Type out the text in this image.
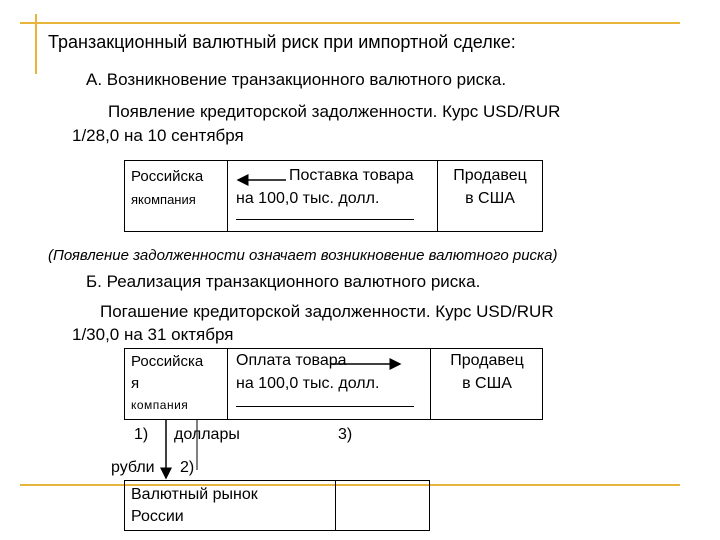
Транзакционный валютный риск при импортной сделке:
А. Возникновение транзакционного валютного риска.
Появление кредиторской задолженности. Курс USD/RUR
1/28,0 на 10 сентября
Российска
якомпания
Поставка товара
на 100,0 тыс. долл.
Продавец
в США
(Появление задолженности означает возникновение валютного риска)
Б. Реализация транзакционного валютного риска.
Погашение кредиторской задолженности. Курс USD/RUR
1/30,0 на 31 октября
Российска
я
компания
Оплата товара
на 100,0 тыс. долл.
Продавец
в США
1) доллары	3)
рубли 2)
Валютный рынок
России
